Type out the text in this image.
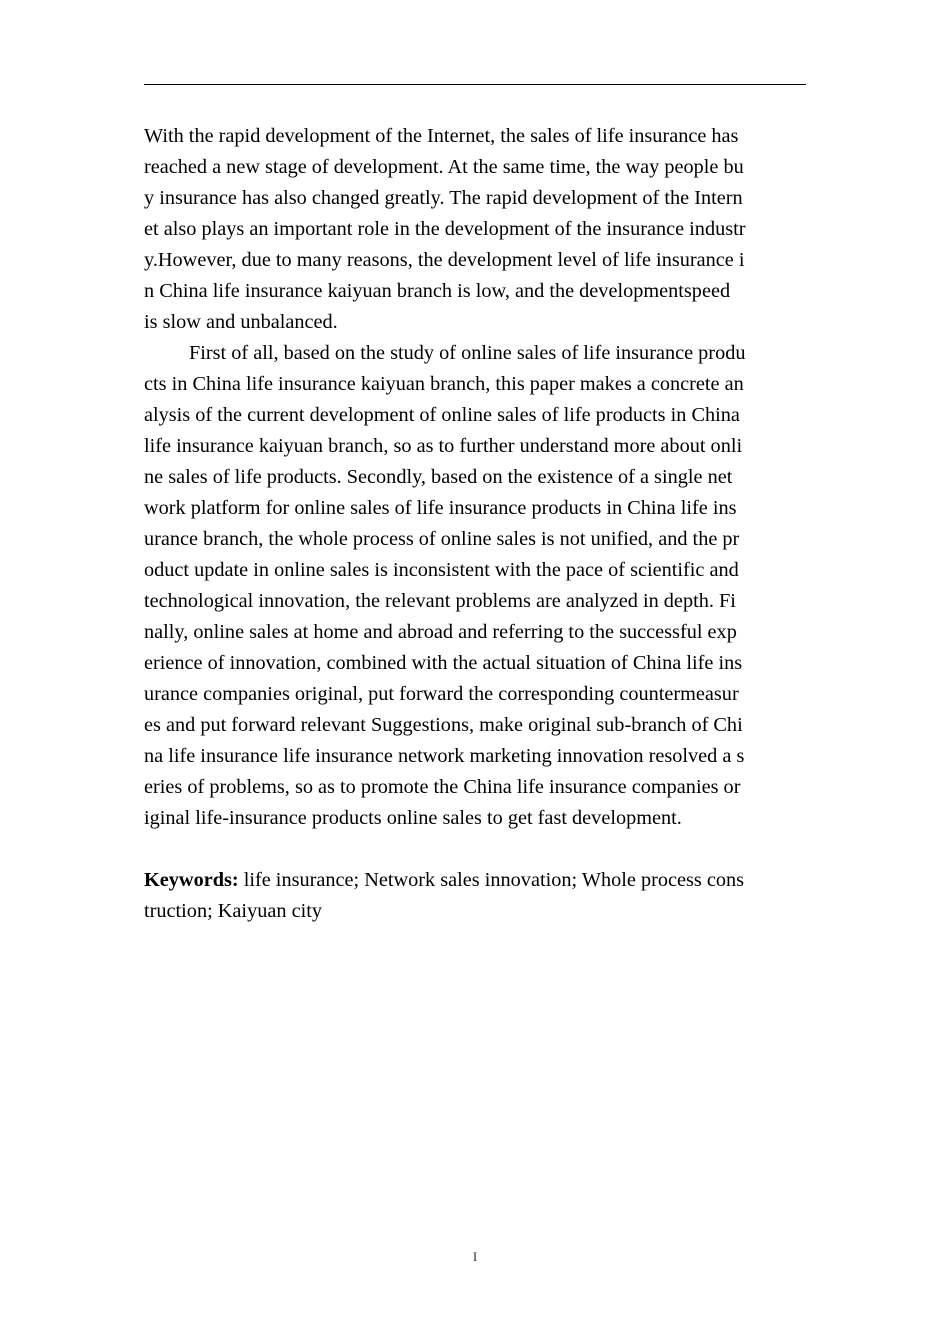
With the rapid development of the Internet, the sales of life insurance has
reached a new stage of development. At the same time, the way people bu
y insurance has also changed greatly. The rapid development of the Intern
et also plays an important role in the development of the insurance industr
y.However, due to many reasons, the development level of life insurance i
n China life insurance kaiyuan branch is low, and the developmentspeed
is slow and unbalanced.
First of all, based on the study of online sales of life insurance produ
cts in China life insurance kaiyuan branch, this paper makes a concrete an
alysis of the current development of online sales of life products in China
life insurance kaiyuan branch, so as to further understand more about onli
ne sales of life products. Secondly, based on the existence of a single net
work platform for online sales of life insurance products in China life ins
urance branch, the whole process of online sales is not unified, and the pr
oduct update in online sales is inconsistent with the pace of scientific and
technological innovation, the relevant problems are analyzed in depth. Fi
nally, online sales at home and abroad and referring to the successful exp
erience of innovation, combined with the actual situation of China life ins
urance companies original, put forward the corresponding countermeasur
es and put forward relevant Suggestions, make original sub-branch of Chi
na life insurance life insurance network marketing innovation resolved a s
eries of problems, so as to promote the China life insurance companies or
iginal life-insurance products online sales to get fast development.
Keywords: life insurance; Network sales innovation; Whole process cons
truction; Kaiyuan city
I
